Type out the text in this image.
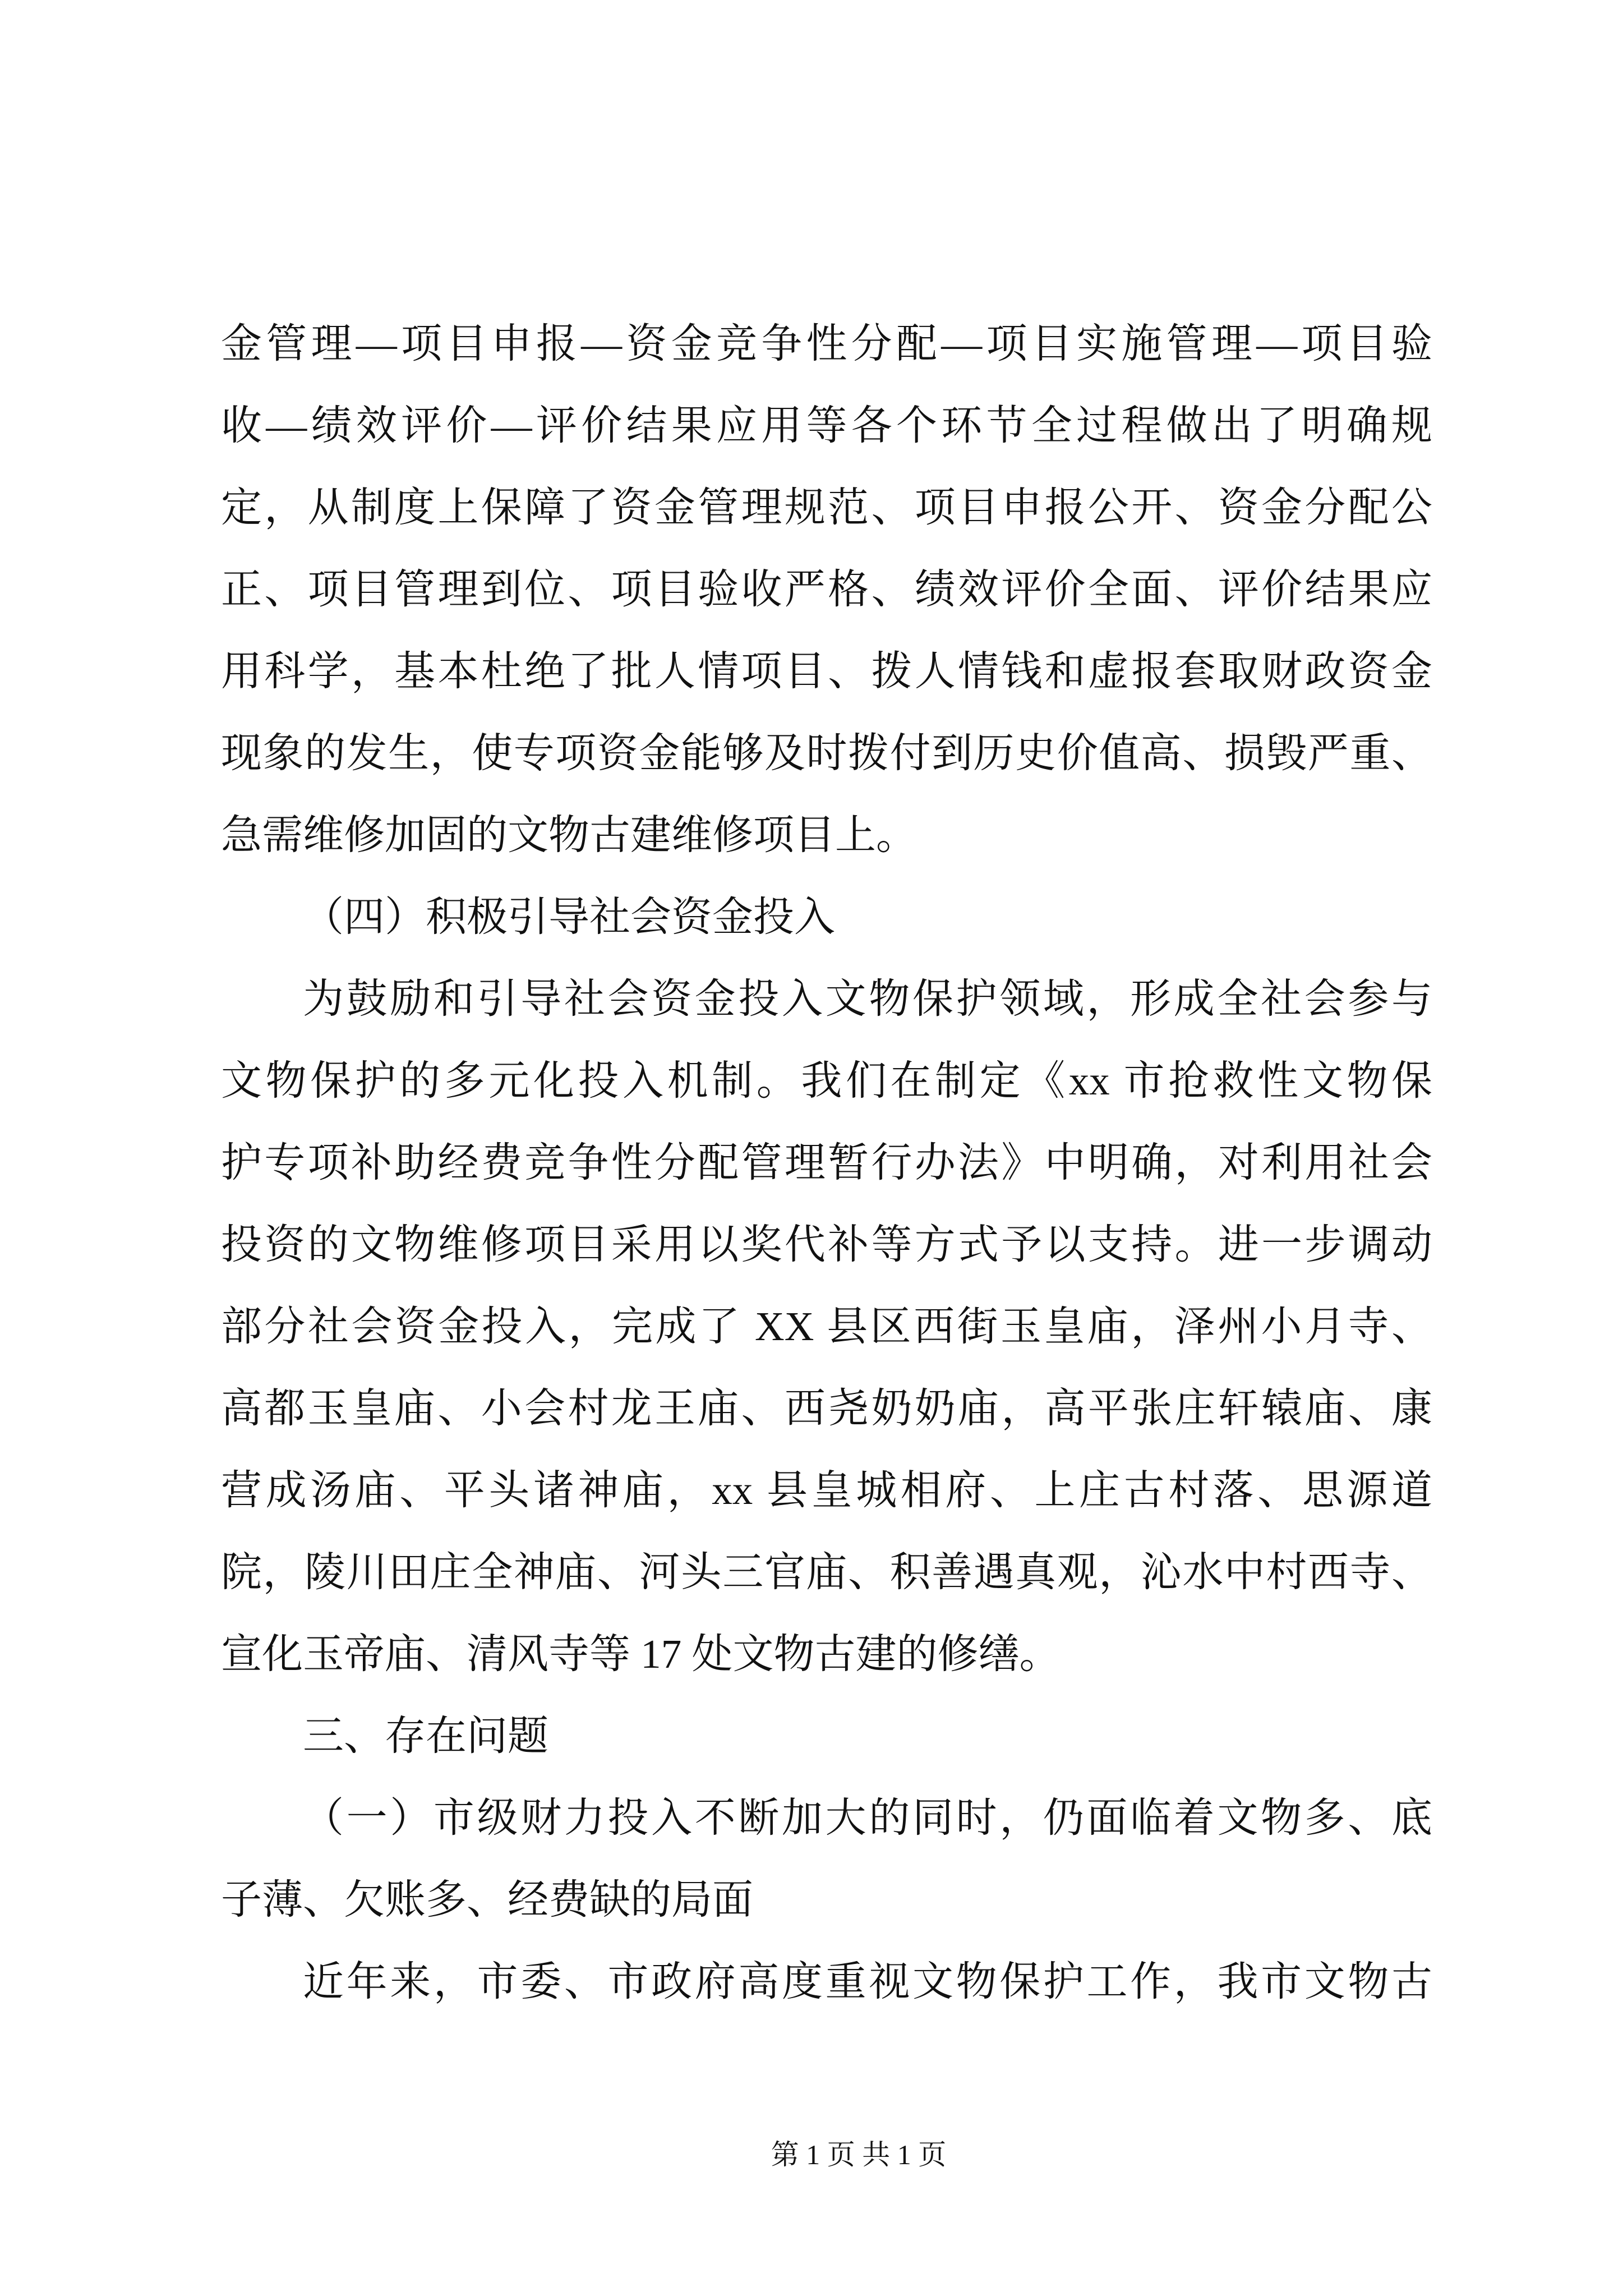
金管理—项目申报—资金竞争性分配—项目实施管理—项目验
收—绩效评价—评价结果应用等各个环节全过程做出了明确规
定，从制度上保障了资金管理规范、项目申报公开、资金分配公
正、项目管理到位、项目验收严格、绩效评价全面、评价结果应
用科学，基本杜绝了批人情项目、拨人情钱和虚报套取财政资金
现象的发生，使专项资金能够及时拨付到历史价值高、损毁严重、
急需维修加固的文物古建维修项目上。
（四）积极引导社会资金投入
为鼓励和引导社会资金投入文物保护领域，形成全社会参与
文物保护的多元化投入机制。我们在制定《xx 市抢救性文物保
护专项补助经费竞争性分配管理暂行办法》中明确，对利用社会
投资的文物维修项目采用以奖代补等方式予以支持。进一步调动
部分社会资金投入，完成了 XX 县区西街玉皇庙，泽州小月寺、
高都玉皇庙、小会村龙王庙、西尧奶奶庙，高平张庄轩辕庙、康
营成汤庙、平头诸神庙，xx 县皇城相府、上庄古村落、思源道
院，陵川田庄全神庙、河头三官庙、积善遇真观，沁水中村西寺、
宣化玉帝庙、清风寺等 17 处文物古建的修缮。
三、存在问题
（一）市级财力投入不断加大的同时，仍面临着文物多、底
子薄、欠账多、经费缺的局面
近年来，市委、市政府高度重视文物保护工作，我市文物古
第 1 页 共 1 页
